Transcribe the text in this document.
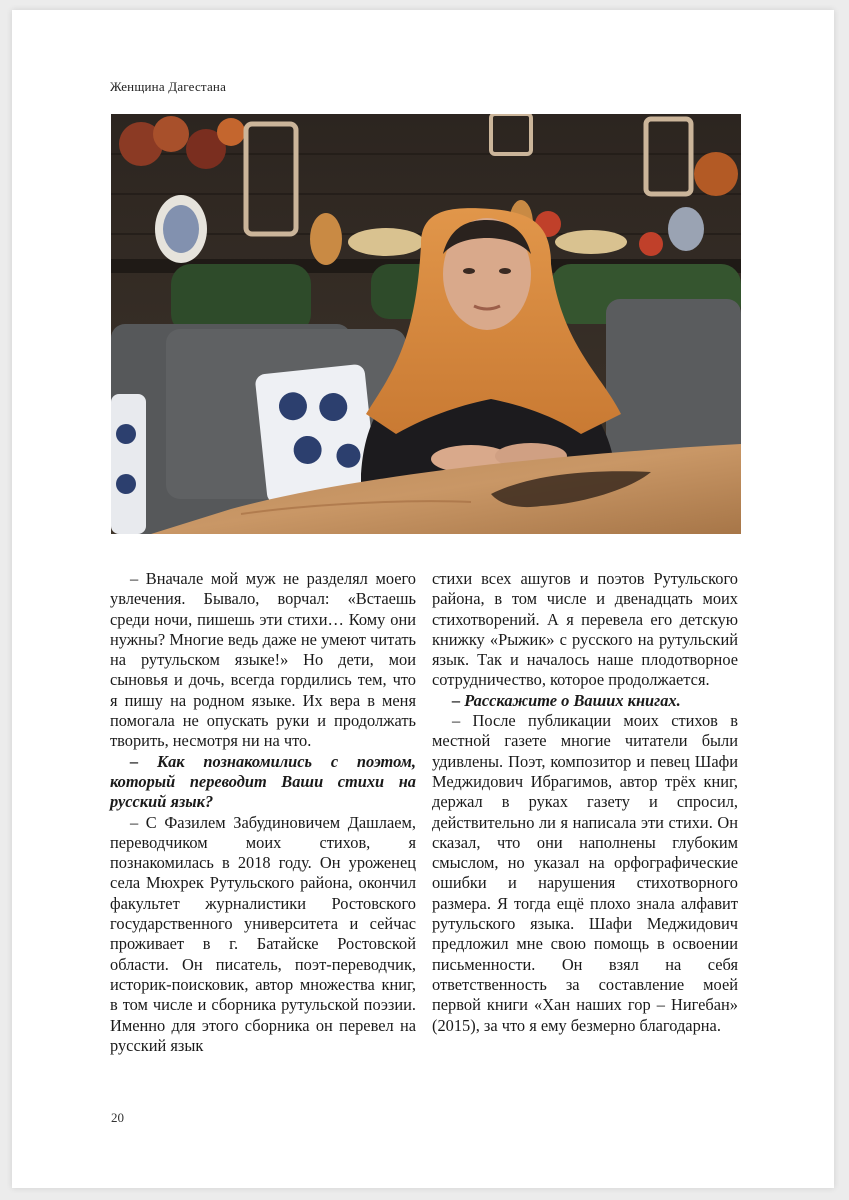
Женщина Дагестана

– Вначале мой муж не разделял моего увлечения. Бывало, ворчал: «Встаешь среди ночи, пишешь эти стихи… Кому они нужны? Многие ведь даже не умеют читать на рутульском языке!» Но дети, мои сыновья и дочь, всегда гордились тем, что я пишу на родном языке. Их вера в меня помогала не опускать руки и продолжать творить, несмотря ни на что.

– Как познакомились с поэтом, который переводит Ваши стихи на русский язык?

– С Фазилем Забудиновичем Дашлаем, переводчиком моих стихов, я познакомилась в 2018 году. Он уроженец села Мюхрек Рутульского района, окончил факультет журналистики Ростовского государственного университета и сейчас проживает в г. Батайске Ростовской области. Он писатель, поэт-переводчик, историк-поисковик, автор множества книг, в том числе и сборника рутульской поэзии. Именно для этого сборника он перевел на русский язык

стихи всех ашугов и поэтов Рутульского района, в том числе и двенадцать моих стихотворений. А я перевела его детскую книжку «Рыжик» с русского на рутульский язык. Так и началось наше плодотворное сотрудничество, которое продолжается.

– Расскажите о Ваших книгах.

– После публикации моих стихов в местной газете многие читатели были удивлены. Поэт, композитор и певец Шафи Меджидович Ибрагимов, автор трёх книг, держал в руках газету и спросил, действительно ли я написала эти стихи. Он сказал, что они наполнены глубоким смыслом, но указал на орфографические ошибки и нарушения стихотворного размера. Я тогда ещё плохо знала алфавит рутульского языка. Шафи Меджидович предложил мне свою помощь в освоении письменности. Он взял на себя ответственность за составление моей первой книги «Хан наших гор – Нигебан» (2015), за что я ему безмерно благодарна.

20
